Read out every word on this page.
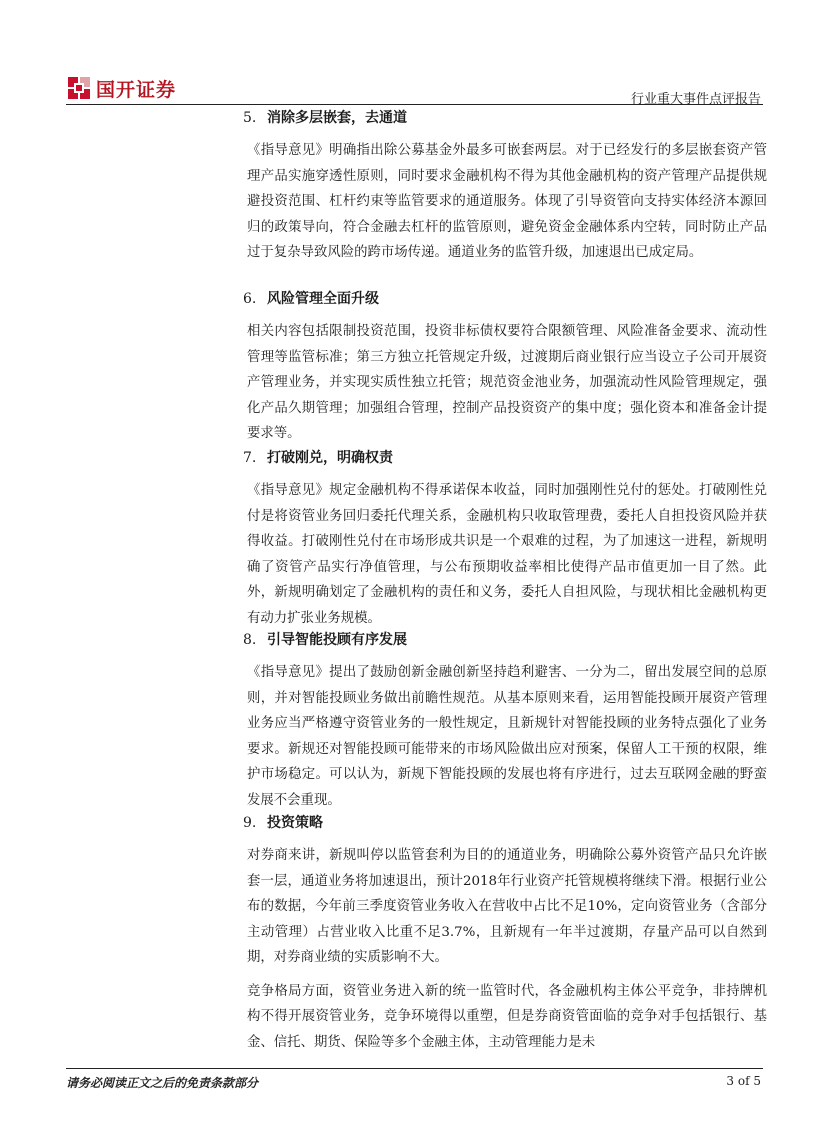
国开证券	行业重大事件点评报告
5. 消除多层嵌套，去通道

《指导意见》明确指出除公募基金外最多可嵌套两层。对于已经发行的多层嵌套资产管理产品实施穿透性原则，同时要求金融机构不得为其他金融机构的资产管理产品提供规避投资范围、杠杆约束等监管要求的通道服务。体现了引导资管向支持实体经济本源回归的政策导向，符合金融去杠杆的监管原则，避免资金金融体系内空转，同时防止产品过于复杂导致风险的跨市场传递。通道业务的监管升级，加速退出已成定局。

6. 风险管理全面升级

相关内容包括限制投资范围，投资非标债权要符合限额管理、风险准备金要求、流动性管理等监管标准；第三方独立托管规定升级，过渡期后商业银行应当设立子公司开展资产管理业务，并实现实质性独立托管；规范资金池业务，加强流动性风险管理规定，强化产品久期管理；加强组合管理，控制产品投资资产的集中度；强化资本和准备金计提要求等。

7. 打破刚兑，明确权责

《指导意见》规定金融机构不得承诺保本收益，同时加强刚性兑付的惩处。打破刚性兑付是将资管业务回归委托代理关系，金融机构只收取管理费，委托人自担投资风险并获得收益。打破刚性兑付在市场形成共识是一个艰难的过程，为了加速这一进程，新规明确了资管产品实行净值管理，与公布预期收益率相比使得产品市值更加一目了然。此外，新规明确划定了金融机构的责任和义务，委托人自担风险，与现状相比金融机构更有动力扩张业务规模。

8. 引导智能投顾有序发展

《指导意见》提出了鼓励创新金融创新坚持趋利避害、一分为二，留出发展空间的总原则，并对智能投顾业务做出前瞻性规范。从基本原则来看，运用智能投顾开展资产管理业务应当严格遵守资管业务的一般性规定，且新规针对智能投顾的业务特点强化了业务要求。新规还对智能投顾可能带来的市场风险做出应对预案，保留人工干预的权限，维护市场稳定。可以认为，新规下智能投顾的发展也将有序进行，过去互联网金融的野蛮发展不会重现。

9. 投资策略

对券商来讲，新规叫停以监管套利为目的的通道业务，明确除公募外资管产品只允许嵌套一层，通道业务将加速退出，预计2018年行业资产托管规模将继续下滑。根据行业公布的数据，今年前三季度资管业务收入在营收中占比不足10%，定向资管业务（含部分主动管理）占营业收入比重不足3.7%，且新规有一年半过渡期，存量产品可以自然到期，对券商业绩的实质影响不大。

竞争格局方面，资管业务进入新的统一监管时代，各金融机构主体公平竞争，非持牌机构不得开展资管业务，竞争环境得以重塑，但是券商资管面临的竞争对手包括银行、基金、信托、期货、保险等多个金融主体，主动管理能力是未

请务必阅读正文之后的免责条款部分	3 of 5
